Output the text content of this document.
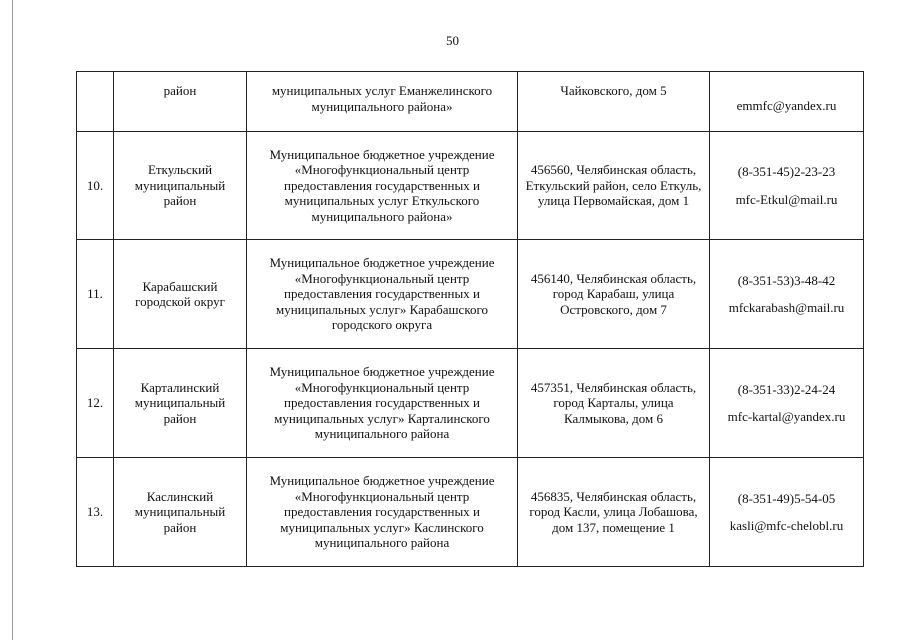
50
	район	муниципальных услуг Еманжелинского муниципального района»	Чайковского, дом 5	emmfc@yandex.ru

10.	Еткульский муниципальный район	Муниципальное бюджетное учреждение «Многофункциональный центр предоставления государственных и муниципальных услуг Еткульского муниципального района»	456560, Челябинская область, Еткульский район, село Еткуль, улица Первомайская, дом 1	(8-351-45)2-23-23
mfc-Etkul@mail.ru

11.	Карабашский городской округ	Муниципальное бюджетное учреждение «Многофункциональный центр предоставления государственных и муниципальных услуг» Карабашского городского округа	456140, Челябинская область, город Карабаш, улица Островского, дом 7	(8-351-53)3-48-42
mfckarabash@mail.ru

12.	Карталинский муниципальный район	Муниципальное бюджетное учреждение «Многофункциональный центр предоставления государственных и муниципальных услуг» Карталинского муниципального района	457351, Челябинская область, город Карталы, улица Калмыкова, дом 6	(8-351-33)2-24-24
mfc-kartal@yandex.ru

13.	Каслинский муниципальный район	Муниципальное бюджетное учреждение «Многофункциональный центр предоставления государственных и муниципальных услуг» Каслинского муниципального района	456835, Челябинская область, город Касли, улица Лобашова, дом 137, помещение 1	(8-351-49)5-54-05
kasli@mfc-chelobl.ru
